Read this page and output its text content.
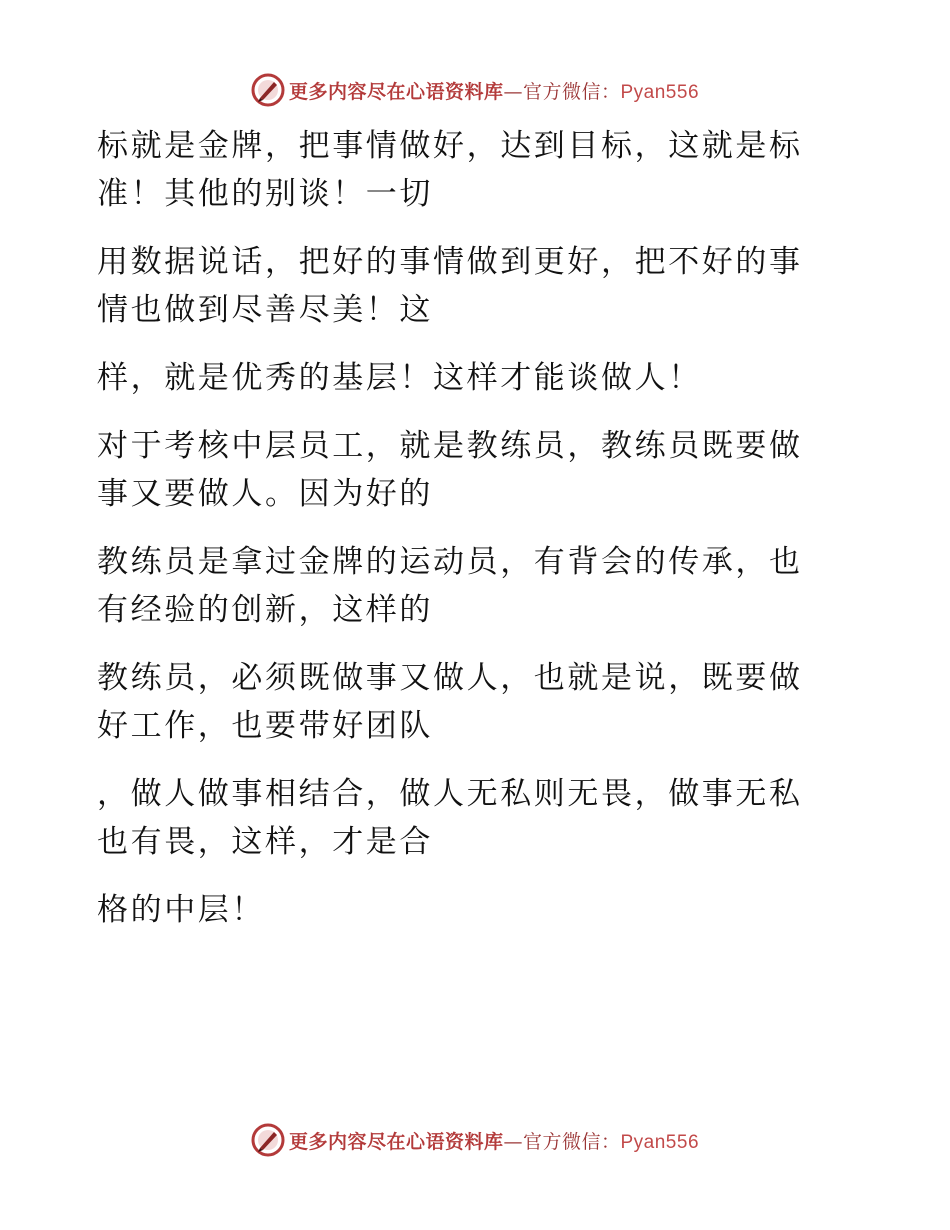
更多内容尽在心语资料库—官方微信：Pyan556

标就是金牌，把事情做好，达到目标，这就是标
准！其他的别谈！一切

用数据说话，把好的事情做到更好，把不好的事
情也做到尽善尽美！这

样，就是优秀的基层！这样才能谈做人！

对于考核中层员工，就是教练员，教练员既要做
事又要做人。因为好的

教练员是拿过金牌的运动员，有背会的传承，也
有经验的创新，这样的

教练员，必须既做事又做人，也就是说，既要做
好工作，也要带好团队

，做人做事相结合，做人无私则无畏，做事无私
也有畏，这样，才是合

格的中层！

更多内容尽在心语资料库—官方微信：Pyan556
